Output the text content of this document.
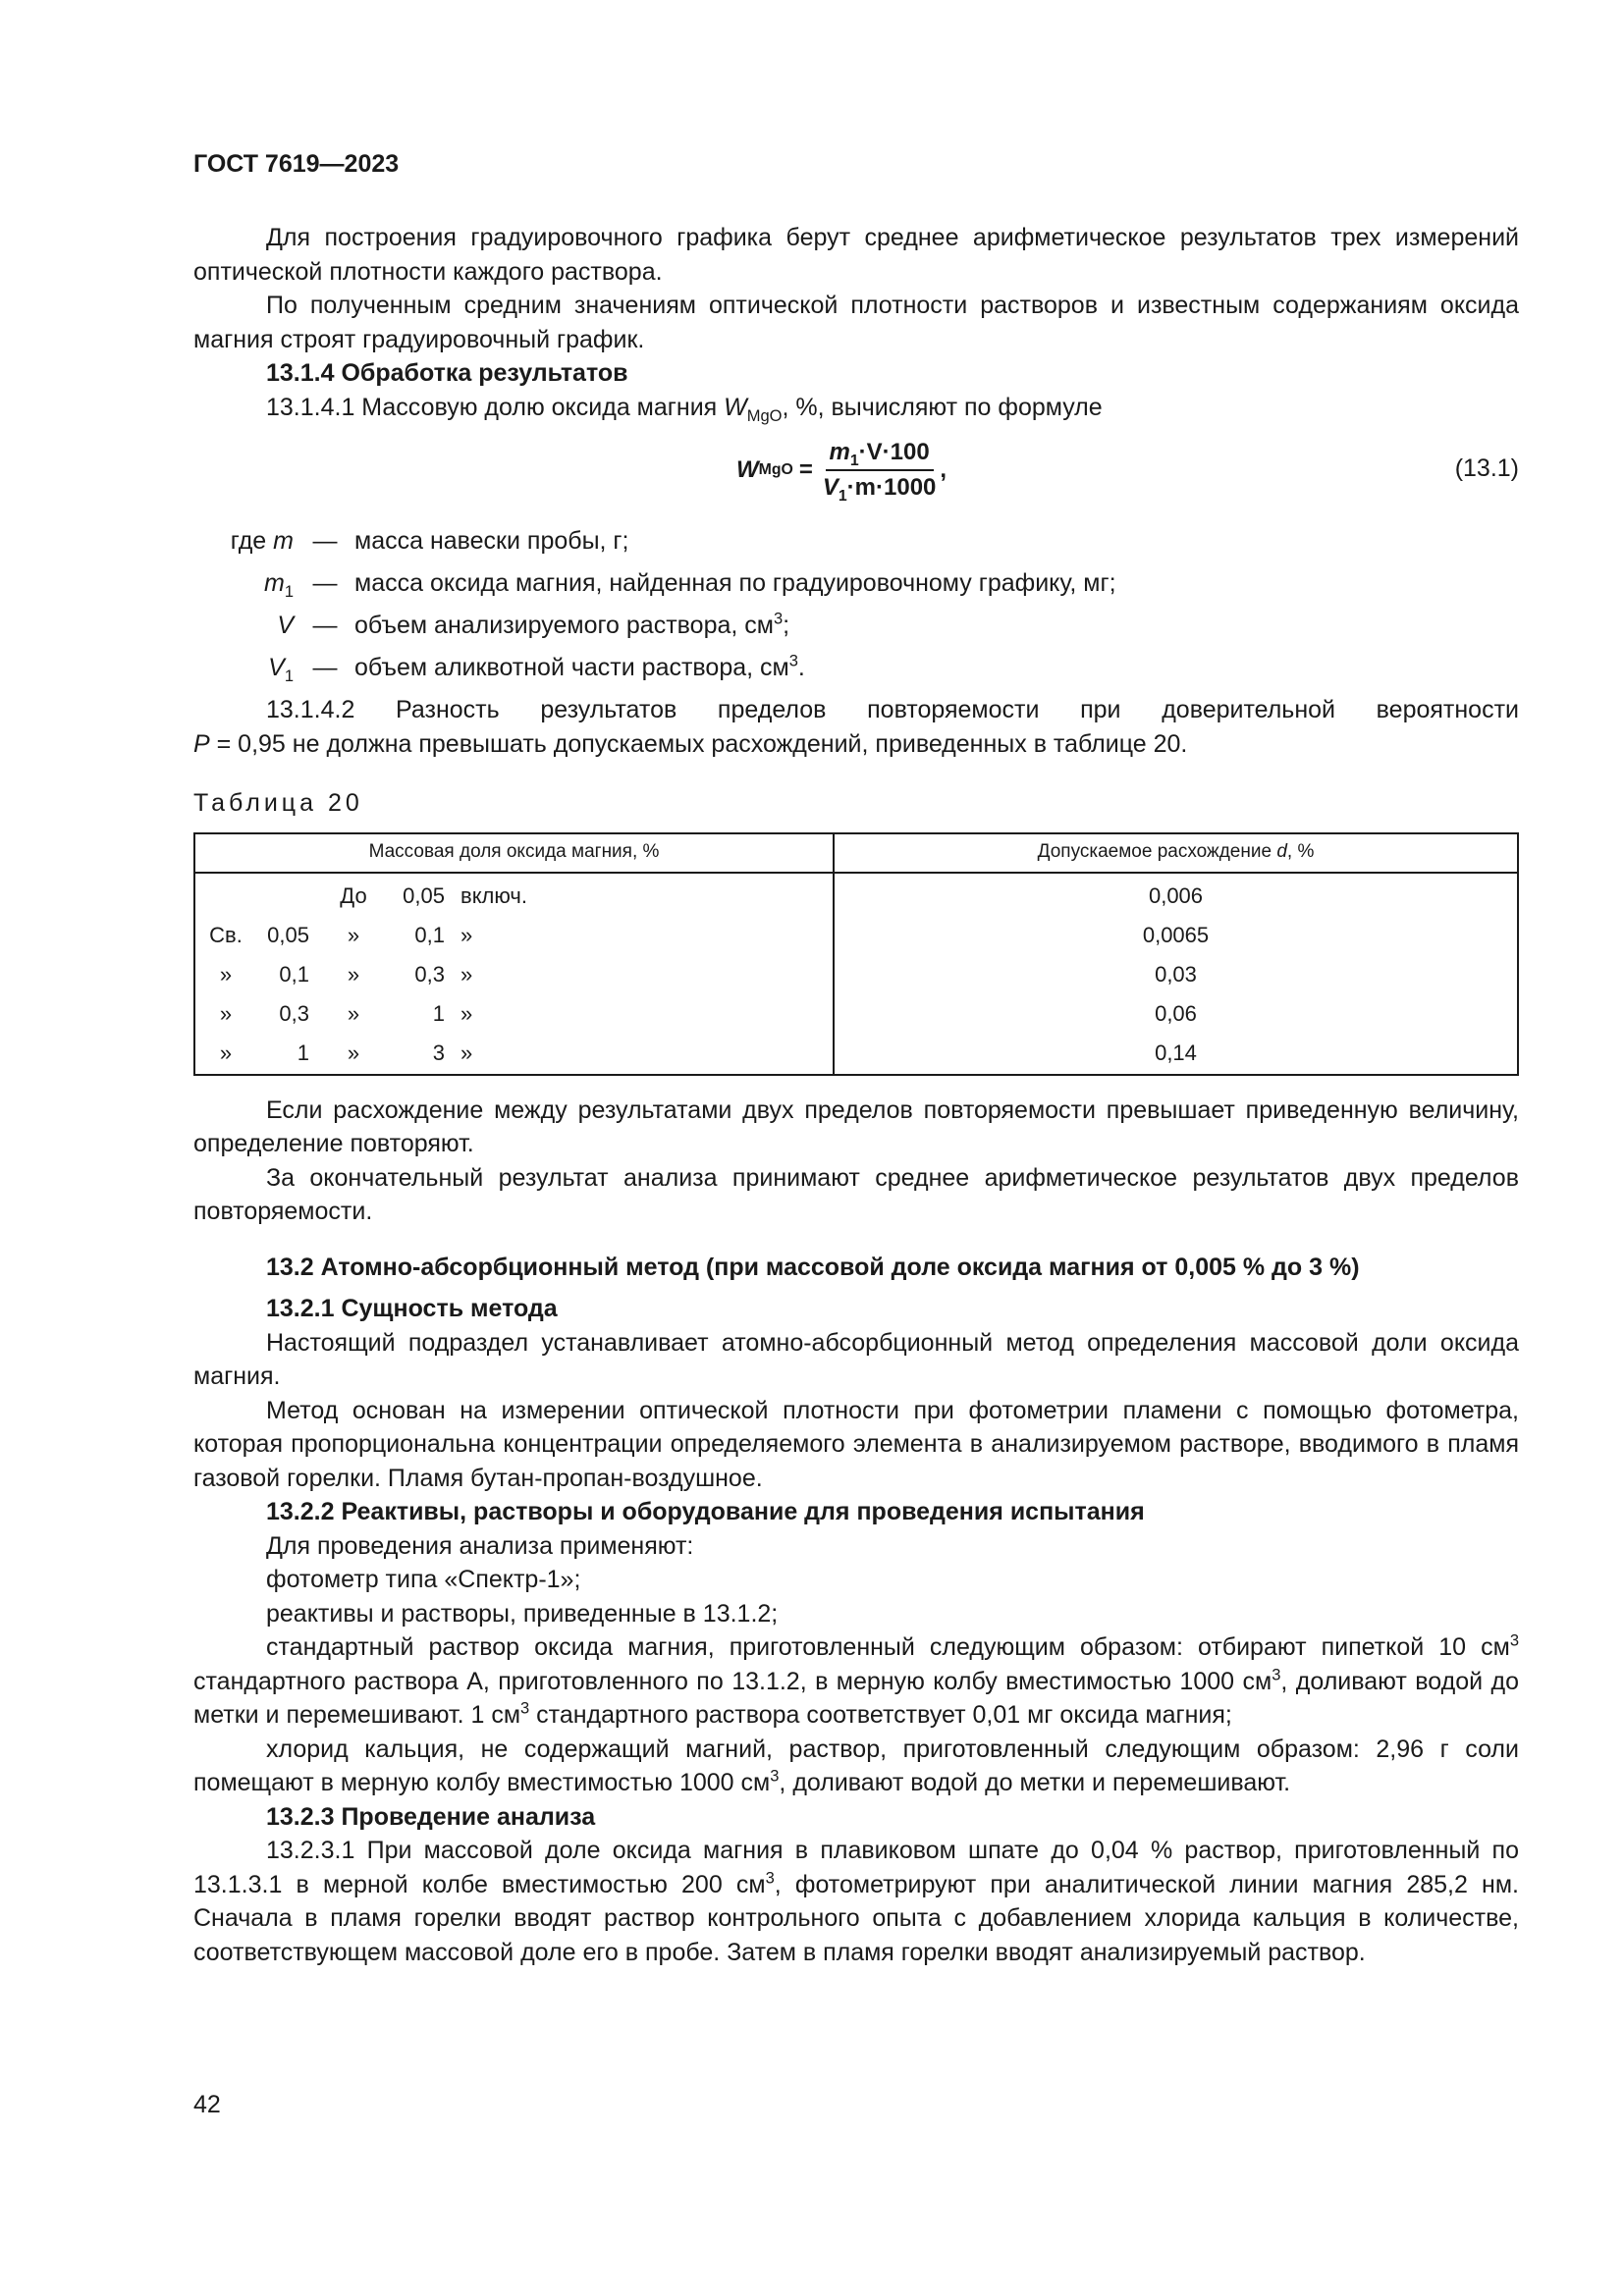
ГОСТ 7619—2023

Для построения градуировочного графика берут среднее арифметическое результатов трех измерений оптической плотности каждого раствора.

По полученным средним значениям оптической плотности растворов и известным содержаниям оксида магния строят градуировочный график.

13.1.4 Обработка результатов

13.1.4.1 Массовую долю оксида магния $W_{MgO}$, %, вычисляют по формуле

W MgO = $\frac{m_1\cdot V\cdot 100}{V_1\cdot m\cdot 1000}$ ,	(13.1)
где m — масса навески пробы, г;
$m_1$ — масса оксида магния, найденная по градуировочному графику, мг;
V — объем анализируемого раствора, $см^3$;
$V_1$ — объем аликвотной части раствора, $см^3$.

13.1.4.2 Разность результатов пределов повторяемости при доверительной вероятности

P = 0,95 не должна превышать допускаемых расхождений, приведенных в таблице 20.

Таблица 20
Массовая доля оксида магния, %	Допускаемое расхождение d, %

До 0,05 включ.	0,006

Св. 0,05 » 0,1 »	0,0065

» 0,1 » 0,3 »	0,03

» 0,3 » 1 »	0,06

» 1 » 3 »	0,14

Если расхождение между результатами двух пределов повторяемости превышает приведенную величину, определение повторяют.

За окончательный результат анализа принимают среднее арифметическое результатов двух пределов повторяемости.

13.2 Атомно-абсорбционный метод (при массовой доле оксида магния от 0,005 % до 3 %)

13.2.1 Сущность метода

Настоящий подраздел устанавливает атомно-абсорбционный метод определения массовой доли оксида магния.

Метод основан на измерении оптической плотности при фотометрии пламени с помощью фотометра, которая пропорциональна концентрации определяемого элемента в анализируемом растворе, вводимого в пламя газовой горелки. Пламя бутан-пропан-воздушное.

13.2.2 Реактивы, растворы и оборудование для проведения испытания

Для проведения анализа применяют:

фотометр типа «Спектр-1»;

реактивы и растворы, приведенные в 13.1.2;

стандартный раствор оксида магния, приготовленный следующим образом: отбирают пипеткой 10 $см^3$ стандартного раствора А, приготовленного по 13.1.2, в мерную колбу вместимостью 1000 $см^3$, доливают водой до метки и перемешивают. 1 $см^3$ стандартного раствора соответствует 0,01 мг оксида магния;

хлорид кальция, не содержащий магний, раствор, приготовленный следующим образом: 2,96 г соли помещают в мерную колбу вместимостью 1000 $см^3$, доливают водой до метки и перемешивают.

13.2.3 Проведение анализа

13.2.3.1 При массовой доле оксида магния в плавиковом шпате до 0,04 % раствор, приготовленный по 13.1.3.1 в мерной колбе вместимостью 200 $см^3$, фотометрируют при аналитической линии магния 285,2 нм. Сначала в пламя горелки вводят раствор контрольного опыта с добавлением хлорида кальция в количестве, соответствующем массовой доле его в пробе. Затем в пламя горелки вводят анализируемый раствор.

42
